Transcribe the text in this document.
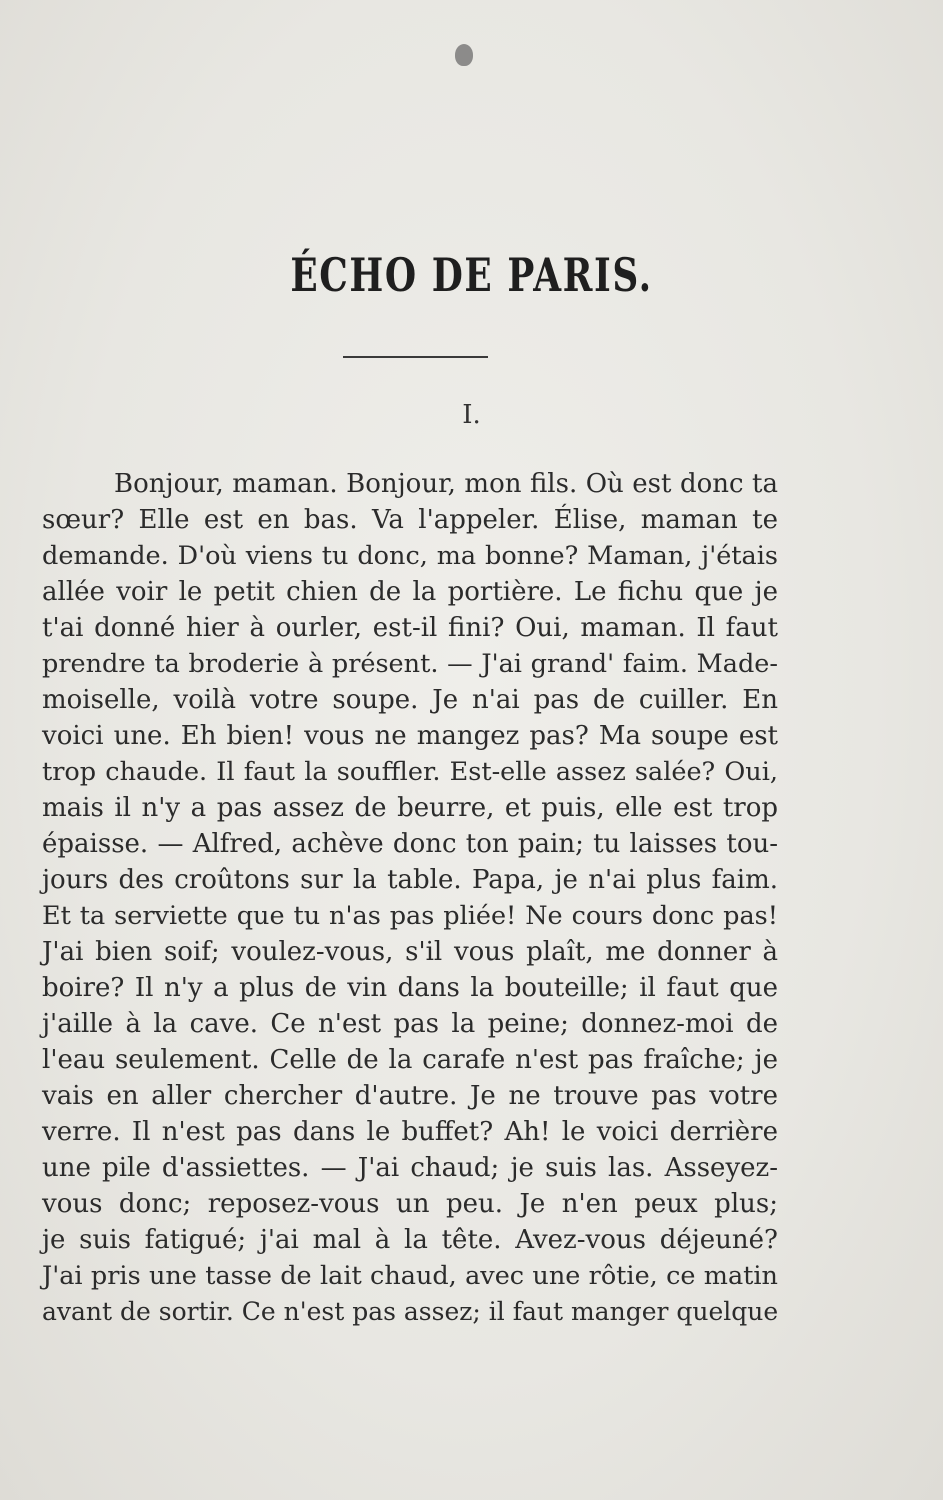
ÉCHO DE PARIS.
I.
Bonjour, maman. Bonjour, mon fils. Où est donc ta
sœur? Elle est en bas. Va l'appeler. Élise, maman te
demande. D'où viens tu donc, ma bonne? Maman, j'étais
allée voir le petit chien de la portière. Le fichu que je
t'ai donné hier à ourler, est-il fini? Oui, maman. Il faut
prendre ta broderie à présent. — J'ai grand' faim. Made-
moiselle, voilà votre soupe. Je n'ai pas de cuiller. En
voici une. Eh bien! vous ne mangez pas? Ma soupe est
trop chaude. Il faut la souffler. Est-elle assez salée? Oui,
mais il n'y a pas assez de beurre, et puis, elle est trop
épaisse. — Alfred, achève donc ton pain; tu laisses tou-
jours des croûtons sur la table. Papa, je n'ai plus faim.
Et ta serviette que tu n'as pas pliée! Ne cours donc pas!
J'ai bien soif; voulez-vous, s'il vous plaît, me donner à
boire? Il n'y a plus de vin dans la bouteille; il faut que
j'aille à la cave. Ce n'est pas la peine; donnez-moi de
l'eau seulement. Celle de la carafe n'est pas fraîche; je
vais en aller chercher d'autre. Je ne trouve pas votre
verre. Il n'est pas dans le buffet? Ah! le voici derrière
une pile d'assiettes. — J'ai chaud; je suis las. Asseyez-
vous donc; reposez-vous un peu. Je n'en peux plus;
je suis fatigué; j'ai mal à la tête. Avez-vous déjeuné?
J'ai pris une tasse de lait chaud, avec une rôtie, ce matin
avant de sortir. Ce n'est pas assez; il faut manger quelque
